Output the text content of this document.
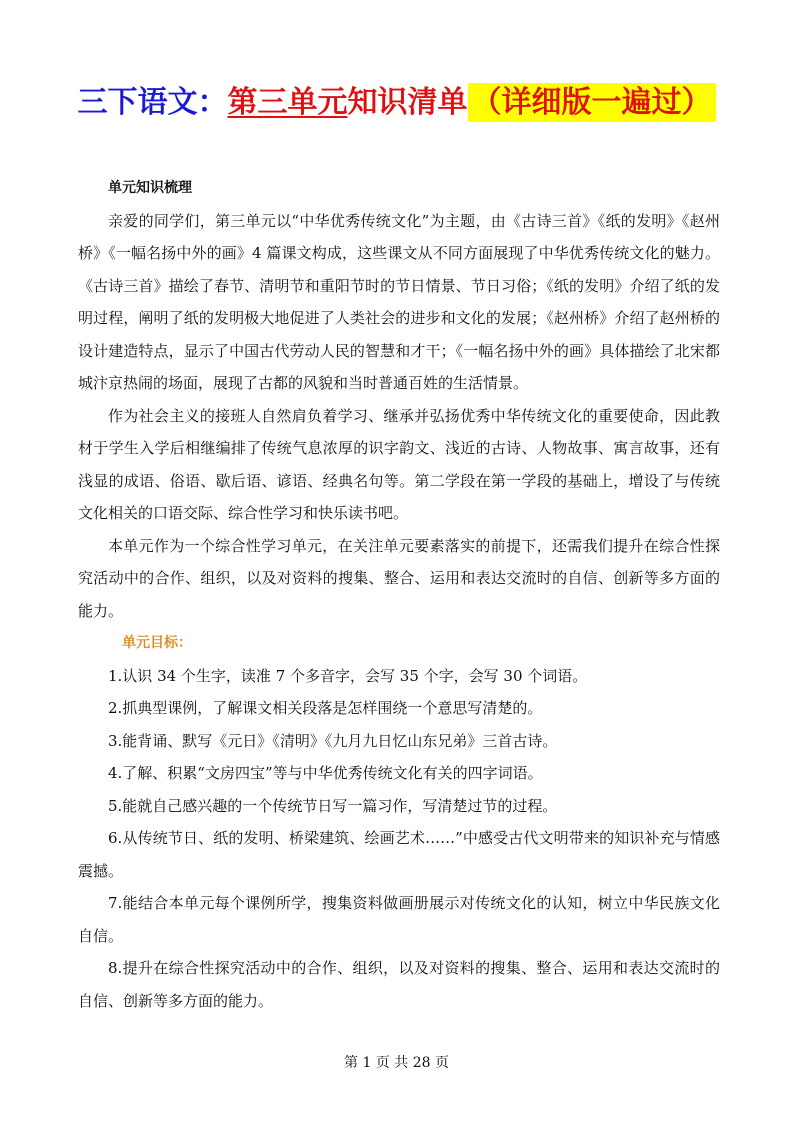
三下语文：第三单元知识清单 （详细版一遍过）

单元知识梳理

亲爱的同学们，第三单元以“中华优秀传统文化”为主题，由《古诗三首》《纸的发明》《赵州桥》《一幅名扬中外的画》4 篇课文构成，这些课文从不同方面展现了中华优秀传统文化的魅力。《古诗三首》描绘了春节、清明节和重阳节时的节日情景、节日习俗；《纸的发明》介绍了纸的发明过程，阐明了纸的发明极大地促进了人类社会的进步和文化的发展；《赵州桥》介绍了赵州桥的设计建造特点，显示了中国古代劳动人民的智慧和才干；《一幅名扬中外的画》具体描绘了北宋都城汴京热闹的场面，展现了古都的风貌和当时普通百姓的生活情景。

作为社会主义的接班人自然肩负着学习、继承并弘扬优秀中华传统文化的重要使命，因此教材于学生入学后相继编排了传统气息浓厚的识字韵文、浅近的古诗、人物故事、寓言故事，还有浅显的成语、俗语、歇后语、谚语、经典名句等。第二学段在第一学段的基础上，增设了与传统文化相关的口语交际、综合性学习和快乐读书吧。

本单元作为一个综合性学习单元，在关注单元要素落实的前提下，还需我们提升在综合性探究活动中的合作、组织，以及对资料的搜集、整合、运用和表达交流时的自信、创新等多方面的能力。

单元目标：

1.认识 34 个生字，读准 7 个多音字，会写 35 个字，会写 30 个词语。

2.抓典型课例，了解课文相关段落是怎样围绕一个意思写清楚的。

3.能背诵、默写《元日》《清明》《九月九日忆山东兄弟》三首古诗。

4.了解、积累“文房四宝”等与中华优秀传统文化有关的四字词语。

5.能就自己感兴趣的一个传统节日写一篇习作，写清楚过节的过程。

6.从传统节日、纸的发明、桥梁建筑、绘画艺术……”中感受古代文明带来的知识补充与情感震撼。

7.能结合本单元每个课例所学，搜集资料做画册展示对传统文化的认知，树立中华民族文化自信。

8.提升在综合性探究活动中的合作、组织，以及对资料的搜集、整合、运用和表达交流时的自信、创新等多方面的能力。

第 1 页 共 28 页
